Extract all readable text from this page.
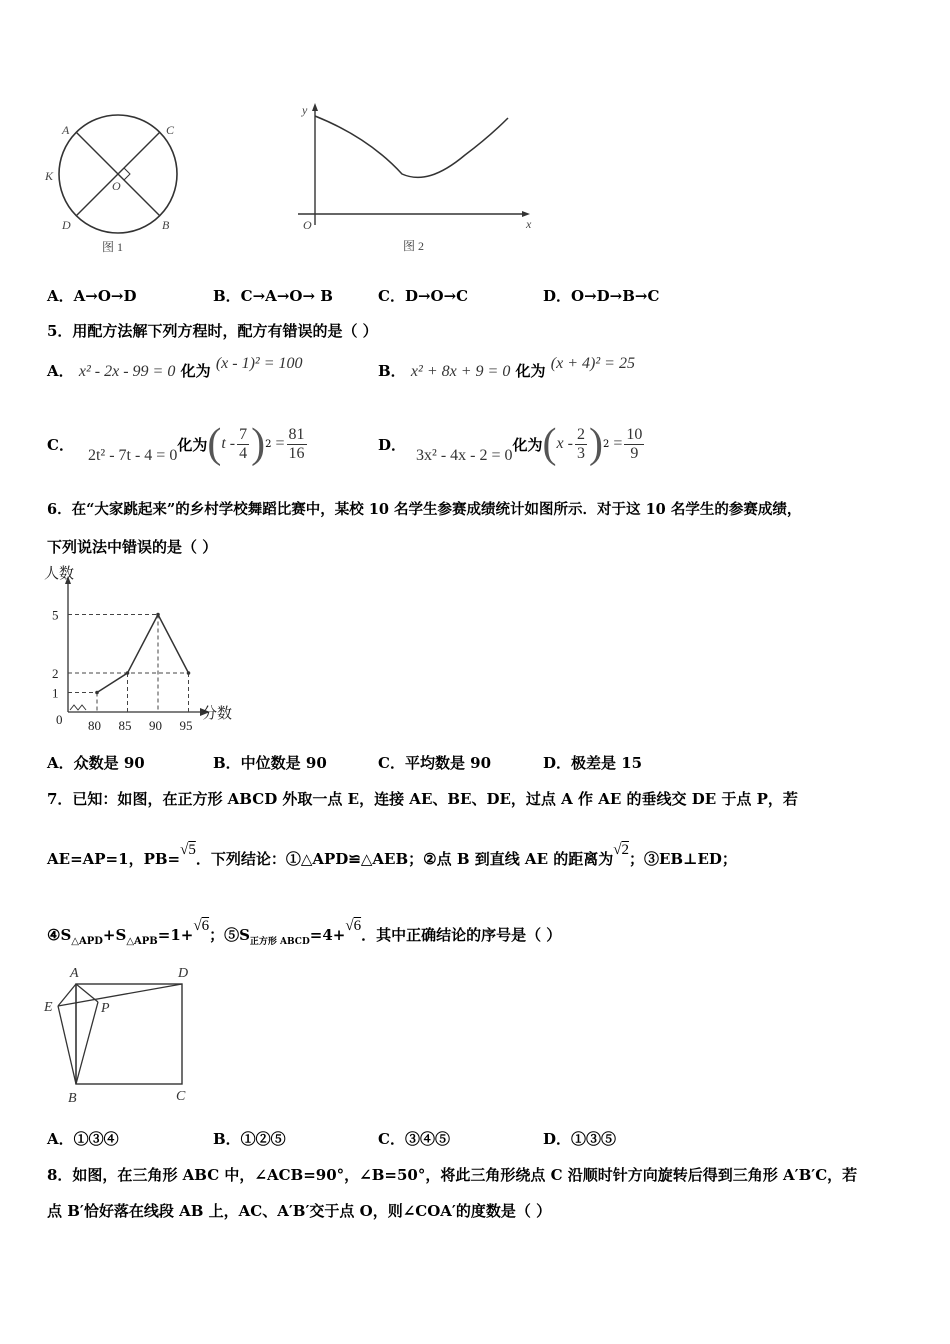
A	C
K
O
D	B
图 1
y
O	x
图 2
A．A→O→D	B．C→A→O→ B	C．D→O→C	D．O→D→B→C
5．用配方法解下列方程时，配方有错误的是（ ）
A． x² - 2x - 99 = 0 化为 (x - 1)² = 100	B． x² + 8x + 9 = 0 化为 (x + 4)² = 25
C．
2t² - 7t - 4 = 0
化为 ( t - $\frac{7}{4}$ ) $2 = \frac{81}{16}$	D．
3x² - 4x - 2 = 0
化为 ( x - $\frac{2}{3}$ ) $2 = \frac{10}{9}$
6．在“大家跳起来”的乡村学校舞蹈比赛中，某校 10 名学生参赛成绩统计如图所示．对于这 10 名学生的参赛成绩，
下列说法中错误的是（ ）
人数
分数
0
1
2
5
80 85 90 95
A．众数是 90	B．中位数是 90	C．平均数是 90	D．极差是 15
7．已知：如图，在正方形 ABCD 外取一点 E，连接 AE、BE、DE，过点 A 作 AE 的垂线交 DE 于点 P，若
AE=AP=1，PB=√5．下列结论：①△APD≌△AEB；②点 B 到直线 AE 的距离为√2；③EB⊥ED；
$④S_{\triangle APD}+S_{\triangle APB}=1+√6$；$⑤S_{正方形 ABCD}=4+√6$．其中正确结论的序号是（ ）
A	D
E	P
B	C
A．①③④	B．①②⑤	C．③④⑤	D．①③⑤
8．如图，在三角形 ABC 中，∠ACB=90°，∠B=50°，将此三角形绕点 C 沿顺时针方向旋转后得到三角形 A′B′C，若
点 B′恰好落在线段 AB 上，AC、A′B′交于点 O，则∠COA′的度数是（ ）
